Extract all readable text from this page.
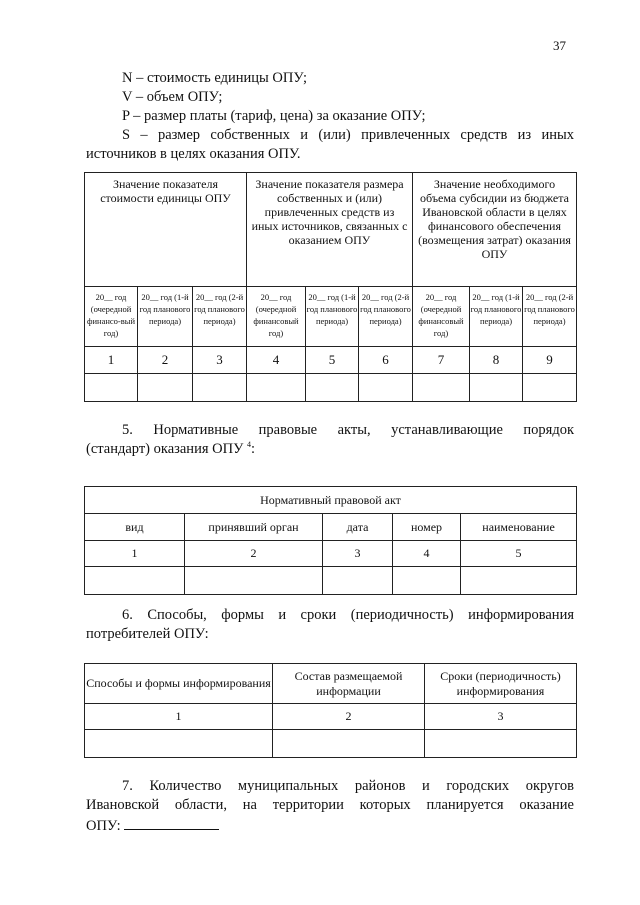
37
N – стоимость единицы ОПУ;
V – объем ОПУ;
P – размер платы (тариф, цена) за оказание ОПУ;
S – размер собственных и (или) привлеченных средств из иных
источников в целях оказания ОПУ.
Значение показателя стоимости единицы ОПУ			Значение показателя размера собственных и (или) привлеченных средств из иных источников, связанных с оказанием ОПУ			Значение необходимого объема субсидии из бюджета Ивановской области в целях финансового обеспечения (возмещения затрат) оказания ОПУ		
20__ год (очередной финансо-вый год)	20__ год (1-й год планового периода)	20__ год (2-й год планового периода)	20__ год (очередной финансовый год)	20__ год (1-й год планового периода)	20__ год (2-й год планового периода)	20__ год (очередной финансовый год)	20__ год (1-й год планового периода)	20__ год (2-й год планового периода)
1	2	3	4	5	6	7	8	9

5. Нормативные правовые акты, устанавливающие порядок
(стандарт) оказания ОПУ $^4$:
Нормативный правовой акт				
вид	принявший орган	дата	номер	наименование
1	2	3	4	5

6. Способы, формы и сроки (периодичность) информирования
потребителей ОПУ:
Способы и формы информирования	Состав размещаемой информации	Сроки (периодичность) информирования
1	2	3

7. Количество муниципальных районов и городских округов
Ивановской области, на территории которых планируется оказание
ОПУ:
